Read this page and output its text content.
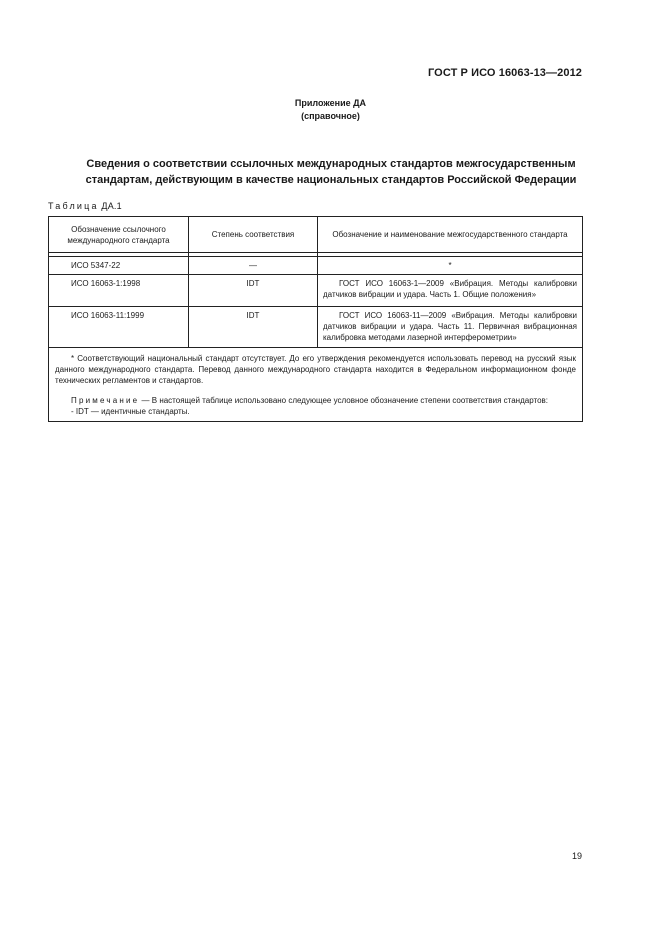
ГОСТ Р ИСО 16063-13—2012
Приложение ДА
(справочное)
Сведения о соответствии ссылочных международных стандартов межгосударственным
стандартам, действующим в качестве национальных стандартов Российской Федерации
Таблица ДА.1
Обозначение ссылочного международного стандарта	Степень соответствия	Обозначение и наименование межгосударственного стандарта

ИСО 5347-22	—	*
ИСО 16063-1:1998	IDT	ГОСТ ИСО 16063-1—2009 «Вибрация. Методы калибровки датчиков вибрации и удара. Часть 1. Общие положения»
ИСО 16063-11:1999	IDT	ГОСТ ИСО 16063-11—2009 «Вибрация. Методы калибровки датчиков вибрации и удара. Часть 11. Первичная вибрационная калибровка методами лазерной интерферометрии»

* Соответствующий национальный стандарт отсутствует. До его утверждения рекомендуется использовать перевод на русский язык данного международного стандарта. Перевод данного международного стандарта находится в Федеральном информационном фонде технических регламентов и стандартов.

Примечание — В настоящей таблице использовано следующее условное обозначение степени соответствия стандартов:

- IDT — идентичные стандарты.		

19
